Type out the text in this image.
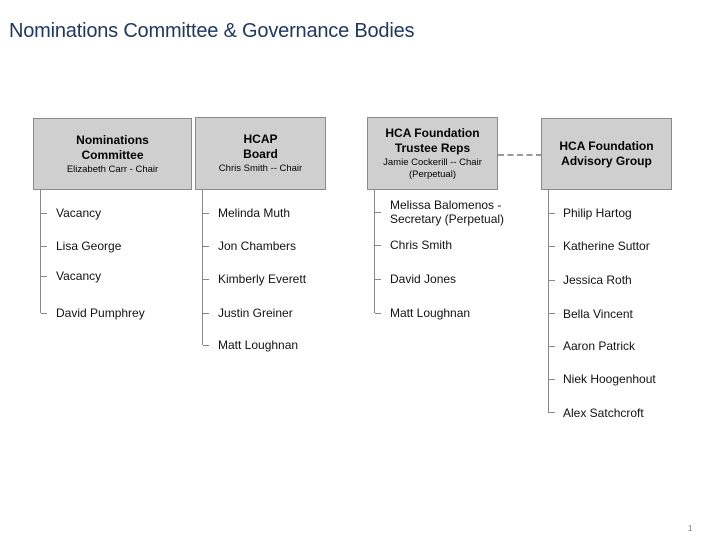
Nominations Committee & Governance Bodies
Nominations
Committee
Elizabeth Carr - Chair
Vacancy
Lisa George
Vacancy
David Pumphrey
HCAP
Board
Chris Smith -- Chair
Melinda Muth
Jon Chambers
Kimberly Everett
Justin Greiner
Matt Loughnan
HCA Foundation
Trustee Reps
Jamie Cockerill -- Chair
(Perpetual)
Melissa Balomenos -
Secretary (Perpetual)
Chris Smith
David Jones
Matt Loughnan
HCA Foundation
Advisory Group
Philip Hartog
Katherine Suttor
Jessica Roth
Bella Vincent
Aaron Patrick
Niek Hoogenhout
Alex Satchcroft
1
